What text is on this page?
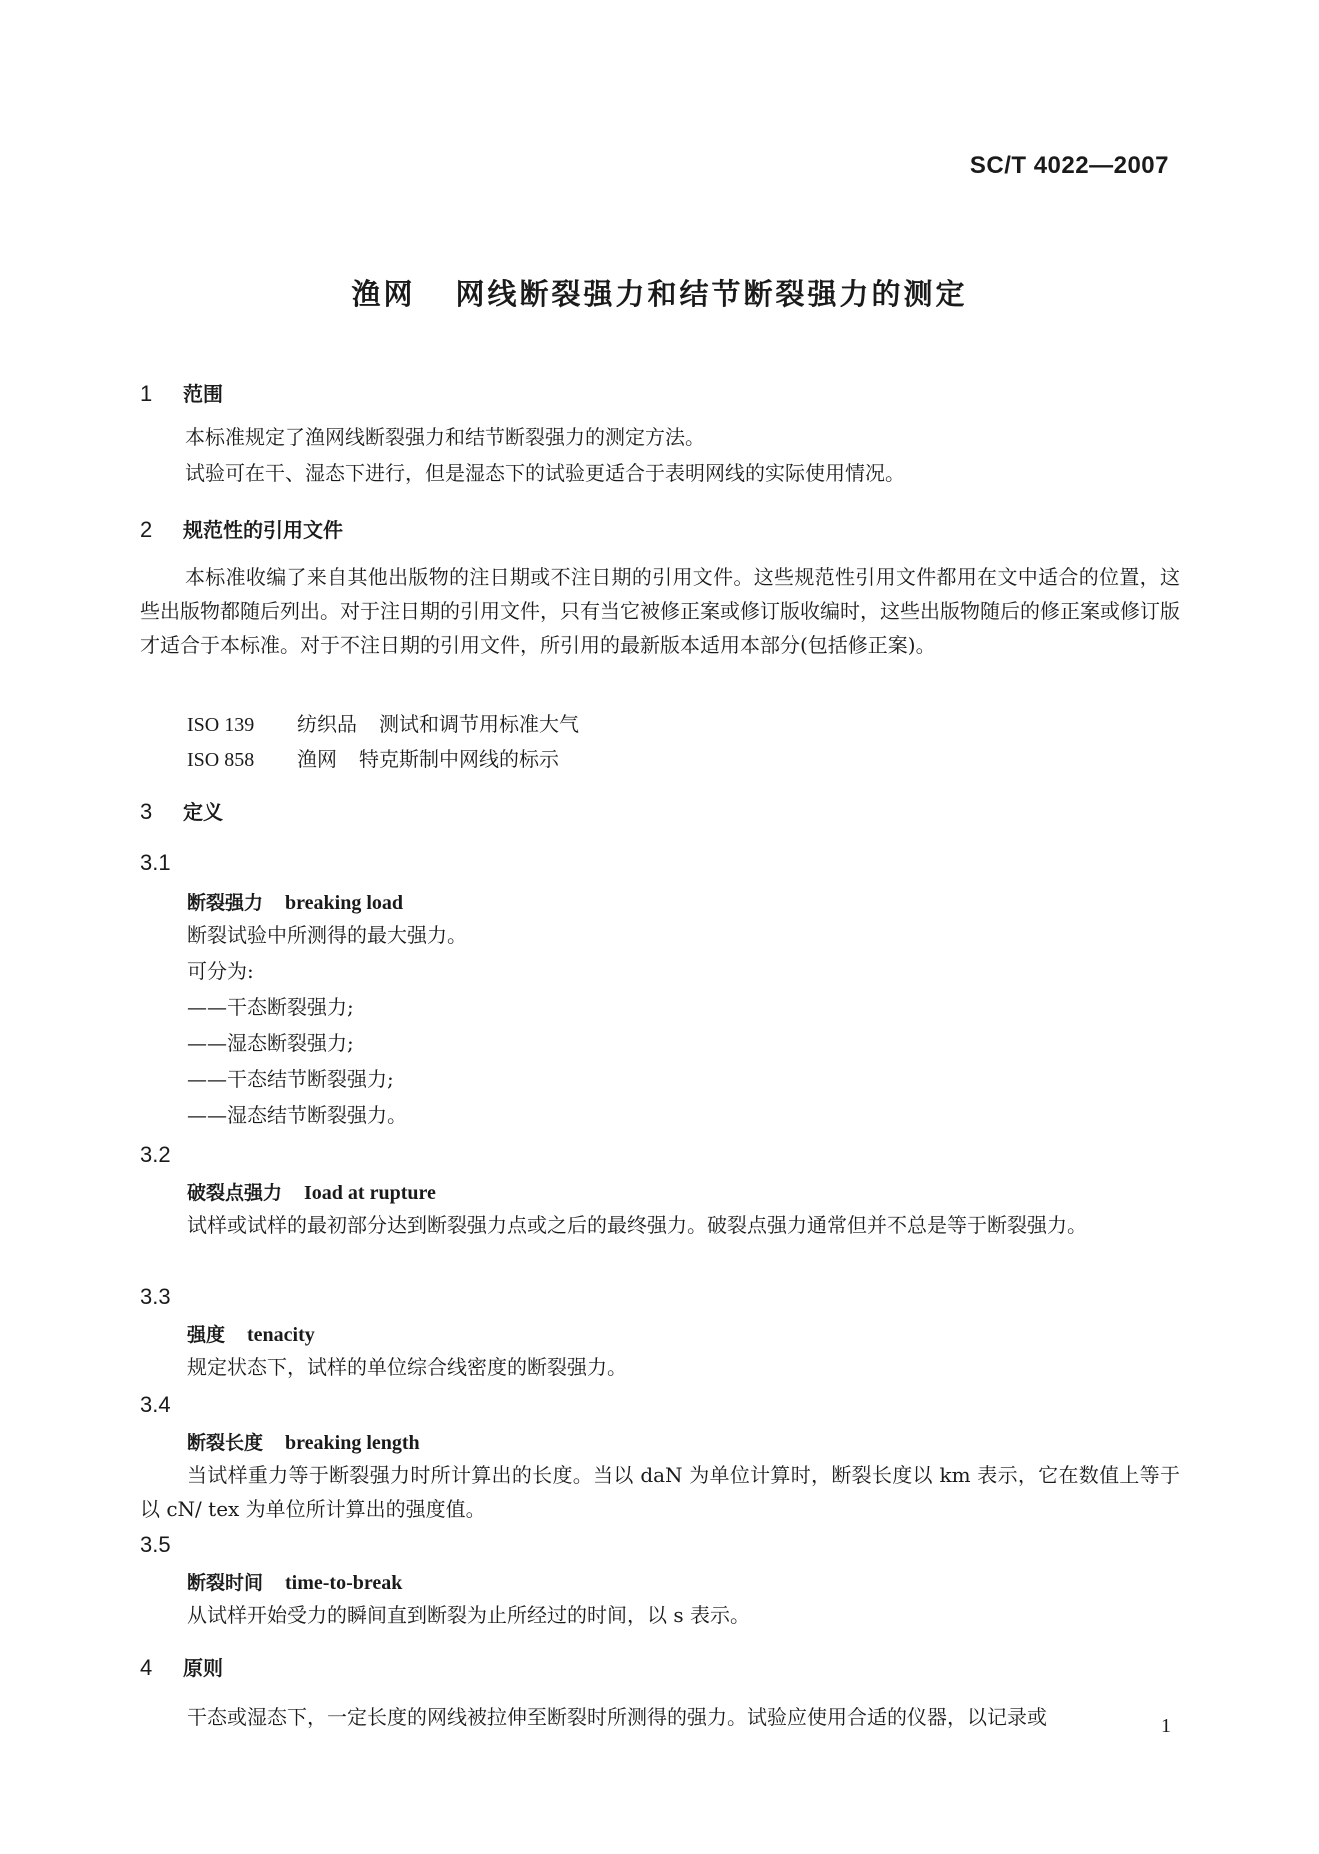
SC/T 4022—2007
渔网 网线断裂强力和结节断裂强力的测定
1 范围
本标准规定了渔网线断裂强力和结节断裂强力的测定方法。
试验可在干、湿态下进行，但是湿态下的试验更适合于表明网线的实际使用情况。
2 规范性的引用文件
本标准收编了来自其他出版物的注日期或不注日期的引用文件。这些规范性引用文件都用在文中适合的位置，这些出版物都随后列出。对于注日期的引用文件，只有当它被修正案或修订版收编时，这些出版物随后的修正案或修订版才适合于本标准。对于不注日期的引用文件，所引用的最新版本适用本部分(包括修正案)。
ISO 139 纺织品 测试和调节用标准大气
ISO 858 渔网 特克斯制中网线的标示
3 定义
3.1
断裂强力 breaking load
断裂试验中所测得的最大强力。
可分为:
——干态断裂强力;
——湿态断裂强力;
——干态结节断裂强力;
——湿态结节断裂强力。
3.2
破裂点强力 Ioad at rupture
试样或试样的最初部分达到断裂强力点或之后的最终强力。破裂点强力通常但并不总是等于断裂强力。
3.3
强度 tenacity
规定状态下，试样的单位综合线密度的断裂强力。
3.4
断裂长度 breaking length
当试样重力等于断裂强力时所计算出的长度。当以 daN 为单位计算时，断裂长度以 km 表示，它在数值上等于以 cN/ tex 为单位所计算出的强度值。
3.5
断裂时间 time-to-break
从试样开始受力的瞬间直到断裂为止所经过的时间，以 s 表示。
4 原则
干态或湿态下，一定长度的网线被拉伸至断裂时所测得的强力。试验应使用合适的仪器，以记录或	1
